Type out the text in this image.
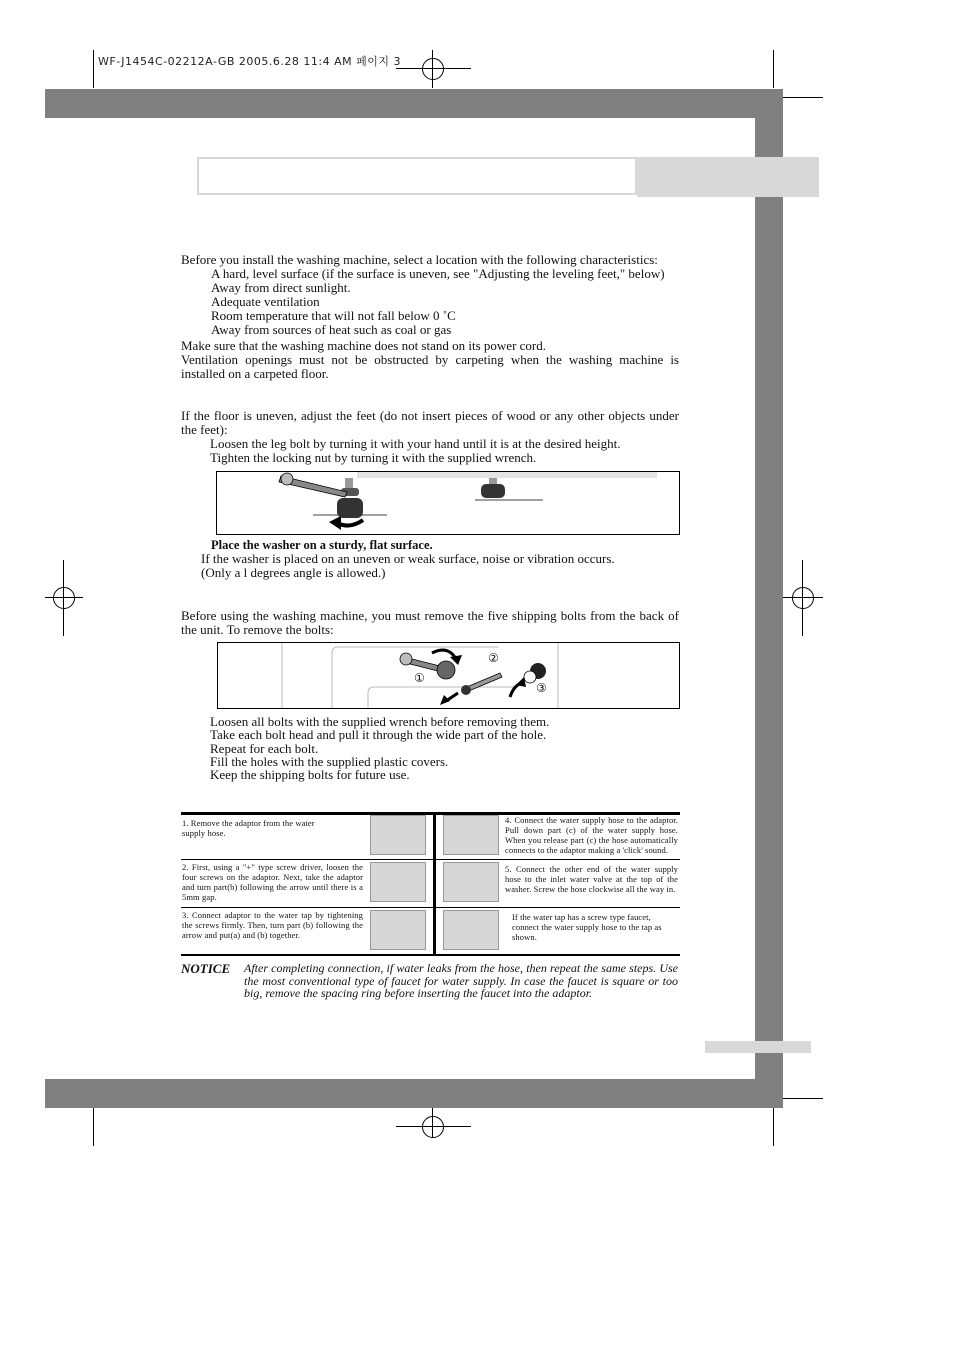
WF-J1454C-02212A-GB 2005.6.28 11:4 AM 페이지 3
Before you install the washing machine, select a location with the following characteristics:
A hard, level surface (if the surface is uneven, see "Adjusting the leveling feet," below)
Away from direct sunlight.
Adequate ventilation
Room temperature that will not fall below 0 ˚C
Away from sources of heat such as coal or gas
Make sure that the washing machine does not stand on its power cord.
Ventilation openings must not be obstructed by carpeting when the washing machine is installed on a carpeted floor.
If the floor is uneven, adjust the feet (do not insert pieces of wood or any other objects under the feet):
Loosen the leg bolt by turning it with your hand until it is at the desired height.
Tighten the locking nut by turning it with the supplied wrench.
Place the washer on a sturdy, flat surface.
If the washer is placed on an uneven or weak surface, noise or vibration occurs.
(Only a l degrees angle is allowed.)
Before using the washing machine, you must remove the five shipping bolts from the back of the unit. To remove the bolts:
①
②
③
Loosen all bolts with the supplied wrench before removing them.
Take each bolt head and pull it through the wide part of the hole.
Repeat for each bolt.
Fill the holes with the supplied plastic covers.
Keep the shipping bolts for future use.
1. Remove the adaptor from the water supply hose.
4. Connect the water supply hose to the adaptor. Pull down part (c) of the water supply hose. When you release part (c) the hose automatically connects to the adaptor making a 'click' sound.
2. First, using a "+" type screw driver, loosen the four screws on the adaptor. Next, take the adaptor and turn part(b) following the arrow until there is a 5mm gap.
5. Connect the other end of the water supply hose to the inlet water valve at the top of the washer. Screw the hose clockwise all the way in.
3. Connect adaptor to the water tap by tightening the screws firmly. Then, turn part (b) following the arrow and put(a) and (b) together.
If the water tap has a screw type faucet, connect the water supply hose to the tap as shown.
NOTICE After completing connection, if water leaks from the hose, then repeat the same steps. Use the most conventional type of faucet for water supply. In case the faucet is square or too big, remove the spacing ring before inserting the faucet into the adaptor.
